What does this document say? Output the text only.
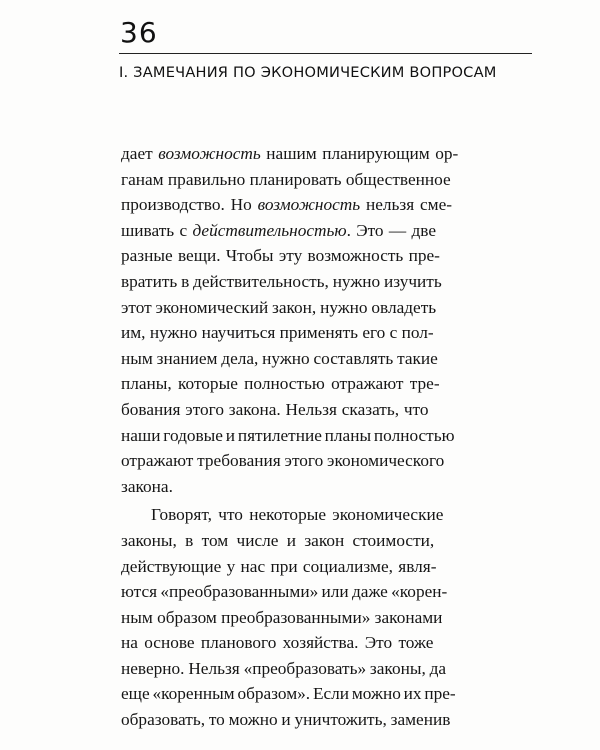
36
I. ЗАМЕЧАНИЯ ПО ЭКОНОМИЧЕСКИМ ВОПРОСАМ
дает возможность нашим планирующим ор-
ганам правильно планировать общественное
производство. Но возможность нельзя сме-
шивать с действительностью. Это — две
разные вещи. Чтобы эту возможность пре-
вратить в действительность, нужно изучить
этот экономический закон, нужно овладеть
им, нужно научиться применять его с пол-
ным знанием дела, нужно составлять такие
планы, которые полностью отражают тре-
бования этого закона. Нельзя сказать, что
наши годовые и пятилетние планы полностью
отражают требования этого экономического
закона.
Говорят, что некоторые экономические
законы, в том числе и закон стоимости,
действующие у нас при социализме, явля-
ются «преобразованными» или даже «корен-
ным образом преобразованными» законами
на основе планового хозяйства. Это тоже
неверно. Нельзя «преобразовать» законы, да
еще «коренным образом». Если можно их пре-
образовать, то можно и уничтожить, заменив
